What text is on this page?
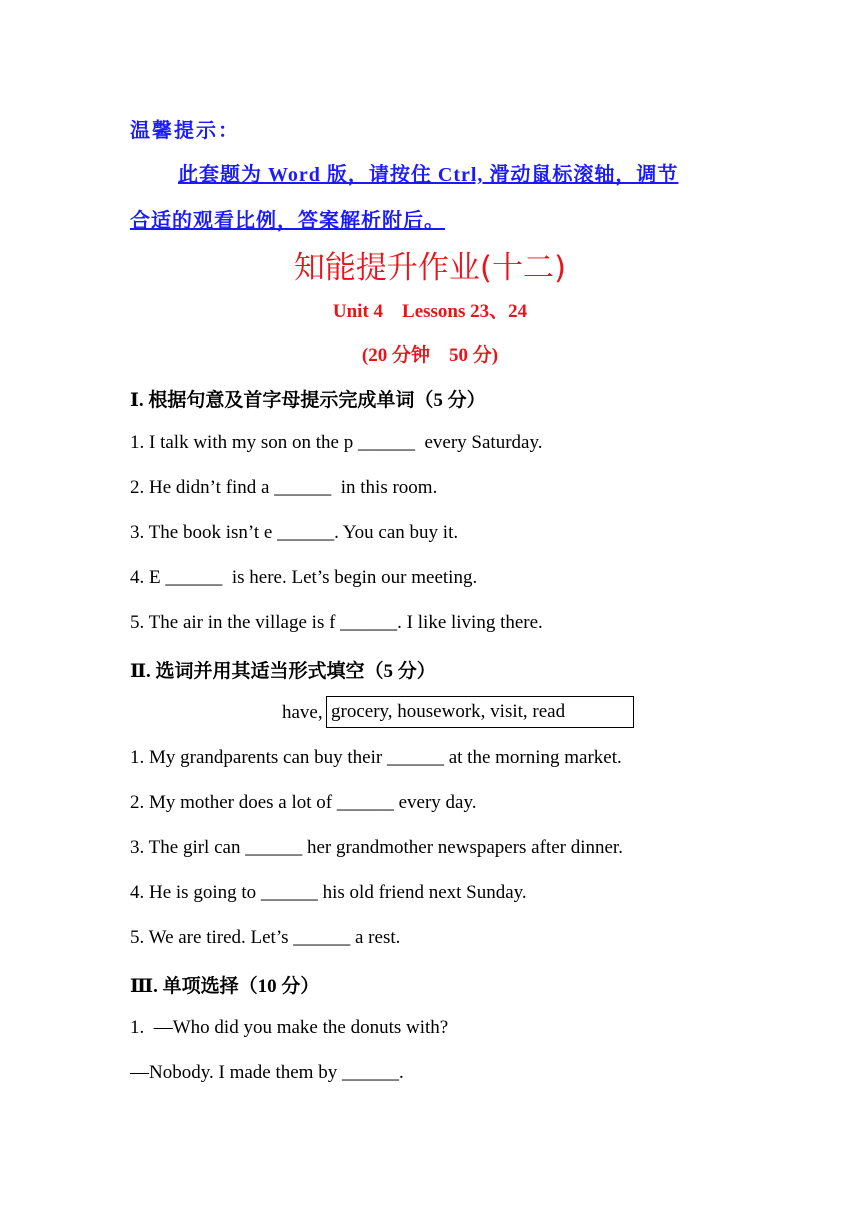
温馨提示：
此套题为 Word 版，请按住 Ctrl, 滑动鼠标滚轴，调节
合适的观看比例，答案解析附后。
知能提升作业(十二)
Unit 4    Lessons 23、24
(20 分钟    50 分)
Ⅰ. 根据句意及首字母提示完成单词（5 分）
1. I talk with my son on the p ______  every Saturday.
2. He didn’t find a ______  in this room.
3. The book isn’t e ______. You can buy it.
4. E ______  is here. Let’s begin our meeting.
5. The air in the village is f ______. I like living there.
Ⅱ. 选词并用其适当形式填空（5 分）
have, grocery, housework, visit, read
1. My grandparents can buy their ______ at the morning market.
2. My mother does a lot of ______ every day.
3. The girl can ______ her grandmother newspapers after dinner.
4. He is going to ______ his old friend next Sunday.
5. We are tired. Let’s ______ a rest.
Ⅲ. 单项选择（10 分）
1.  —Who did you make the donuts with?
—Nobody. I made them by ______.
